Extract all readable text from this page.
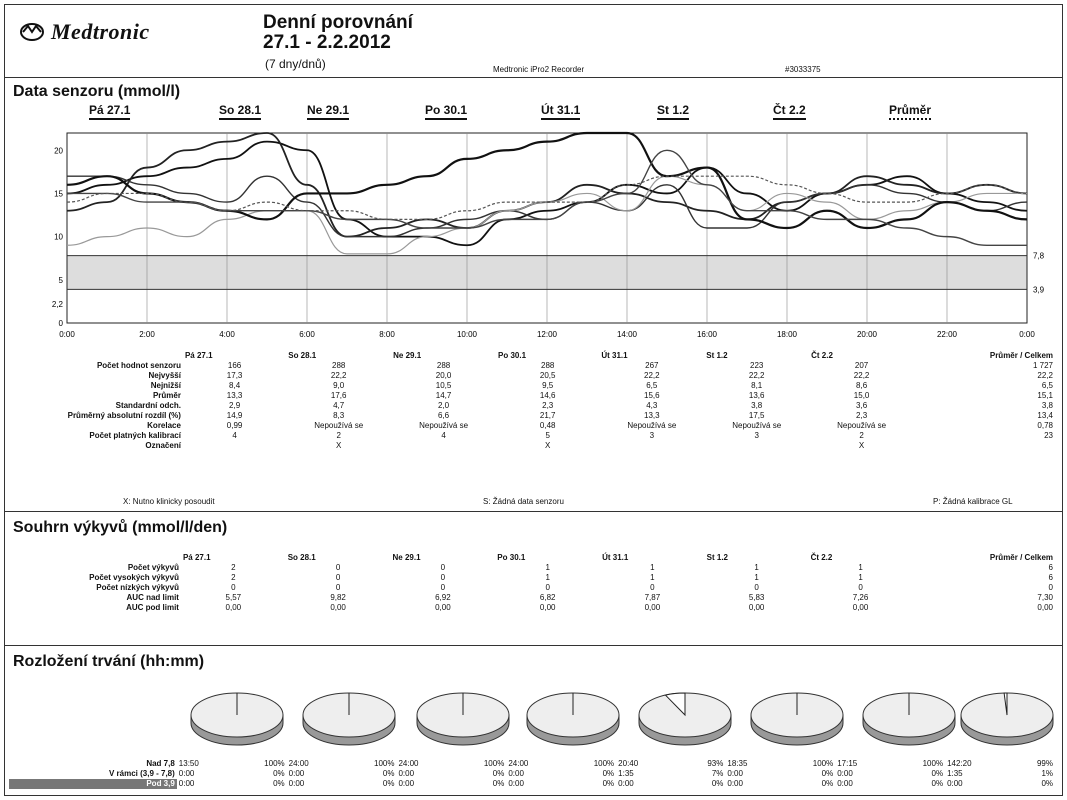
Medtronic	Denní porovnání
27.1 - 2.2.2012
(7 dny/dnů)	Medtronic iPro2 Recorder	#3033375
Data senzoru (mmol/l)
Pá 27.1	So 28.1	Ne 29.1	Po 30.1	Út 31.1	St 1.2	Čt 2.2	Průměr
20
15
10
5
2,2
0
0:00	2:00	4:00	6:00	8:00	10:00	12:00	14:00	16:00	18:00	20:00	22:00	0:00
7,8
3,9
	Pá 27.1	So 28.1	Ne 29.1	Po 30.1	Út 31.1	St 1.2	Čt 2.2	Průměr / Celkem
Počet hodnot senzoru	166	288	288	288	267	223	207	1 727
Nejvyšší	17,3	22,2	20,0	20,5	22,2	22,2	22,2	22,2
Nejnižší	8,4	9,0	10,5	9,5	6,5	8,1	8,6	6,5
Průměr	13,3	17,6	14,7	14,6	15,6	13,6	15,0	15,1
Standardní odch.	2,9	4,7	2,0	2,3	4,3	3,8	3,6	3,8
Průměrný absolutní rozdíl (%)	14,9	8,3	6,6	21,7	13,3	17,5	2,3	13,4
Korelace	0,99	Nepoužívá se	Nepoužívá se	0,48	Nepoužívá se	Nepoužívá se	Nepoužívá se	0,78
Počet platných kalibrací	4	2	4	5	3	3	2	23
Označení		X		X			X	
X: Nutno klinicky posoudit	S: Žádná data senzoru	P: Žádná kalibrace GL
Souhrn výkyvů (mmol/l/den)
	Pá 27.1	So 28.1	Ne 29.1	Po 30.1	Út 31.1	St 1.2	Čt 2.2	Průměr / Celkem
Počet výkyvů	2	0	0	1	1	1	1	6
Počet vysokých výkyvů	2	0	0	1	1	1	1	6
Počet nízkých výkyvů	0	0	0	0	0	0	0	0
AUC nad limit	5,57	9,82	6,92	6,82	7,87	5,83	7,26	7,30
AUC pod limit	0,00	0,00	0,00	0,00	0,00	0,00	0,00	0,00
Rozložení trvání (hh:mm)
Nad 7,8	13:50	100%	24:00	100%	24:00	100%	24:00	100%	20:40	93%	18:35	100%	17:15	100%	142:20	99%
V rámci (3,9 - 7,8)	0:00	0%	0:00	0%	0:00	0%	0:00	0%	1:35	7%	0:00	0%	0:00	0%	1:35	1%
Pod 3,9	0:00	0%	0:00	0%	0:00	0%	0:00	0%	0:00	0%	0:00	0%	0:00	0%	0:00	0%
